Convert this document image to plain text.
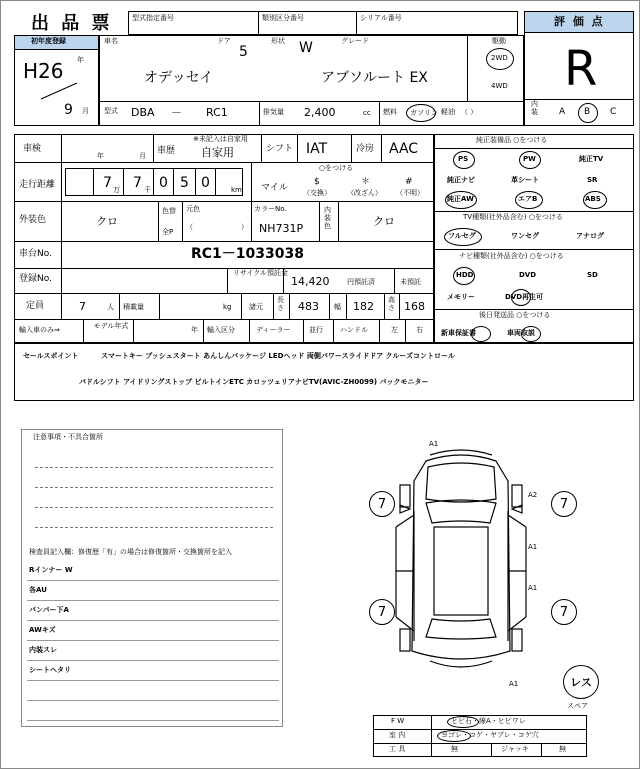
出 品 票	型式指定番号	類別区分番号	シリアル番号	評 価 点
R
内装	A B C
初年度登録
H26 年
9 月
車名
オデッセイ
ドア
5
形状 W	グレード
アブソルート EX
駆動
2WD
4WD
型式 DBA － RC1	排気量 2,400	cc 燃料 ガソリン 軽油 （ ）
車検
年	月
※未記入は自家用
車歴 自家用	シフト IAT	冷房 AAC
走行距離	7 万 7 千 0 5 0	km
○をつける
マイル
$
（交換）
＊
（改ざん）
#
（不明）
外装色	クロ
色替
全P
元色
（	）
カラーNo.
NH731P
内装色	クロ
車台No.	RC1－1033038
登録No.
リサイクル預託金
14,420	円預託済	未預託
定員	7	人 積載量	kg	諸元
長さ 483 幅 182 高さ 168
輸入車のみ⇒	モデル年式	年 輸入区分	ディーラー	並行 ハンドル	左	右
純正装備品 ○をつける
PS	PW	純正TV
純正ナビ	革シート	SR
純正AW	エアB	ABS
TV種類(社外品含む) ○をつける
フルセグ	ワンセグ	アナログ
ナビ種類(社外品含む) ○をつける
HDD	DVD	SD
メモリー	DVD再生可
後日発送品 ○をつける
新車保証書	車両取説
セールスポイント	スマートキー プッシュスタート あんしんパッケージ LEDヘッド 両側パワースライドドア クルーズコントロール
パドルシフト アイドリングストップ ビルトインETC カロッツェリアナビTV(AVIC-ZH0099) バックモニター
注意事項・不具合箇所
検査員記入欄：修復歴「有」の場合は修復箇所・交換箇所を記入
Rインナー W
各AU
バンパー下A
AWキズ
内装スレ
シートヘタリ
A1
A2
A1
A1
A1
7	7
7	7
レス
スペア
F W	ヒビ石・線A・ヒビワレ
室 内	ヨゴレ・コゲ・ヤブレ・コゲ穴
工 具	無	ジャッキ	無
